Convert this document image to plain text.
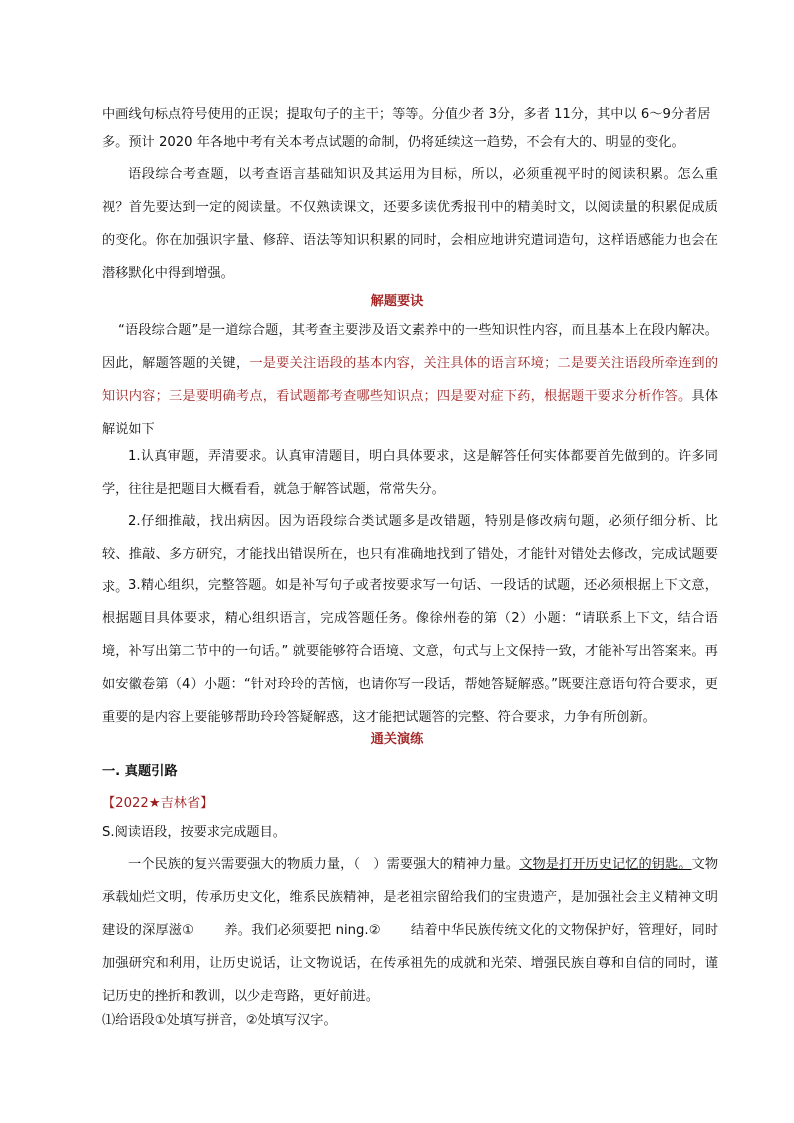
中画线句标点符号使用的正误；提取句子的主干；等等。分值少者 3分，多者 11分，其中以 6～9分者居
多。预计 2020 年各地中考有关本考点试题的命制，仍将延续这一趋势，不会有大的、明显的变化。
语段综合考查题，以考查语言基础知识及其运用为目标，所以，必须重视平时的阅读积累。怎么重视？首先要达到一定的阅读量。不仅熟读课文，还要多读优秀报刊中的精美时文，以阅读量的积累促成质的变化。你在加强识字量、修辞、语法等知识积累的同时，会相应地讲究遣词造句，这样语感能力也会在潜移默化中得到增强。
解题要诀
“语段综合题”是一道综合题，其考查主要涉及语文素养中的一些知识性内容，而且基本上在段内解决。因此，解题答题的关键，一是要关注语段的基本内容，关注具体的语言环境；二是要关注语段所牵连到的知识内容；三是要明确考点，看试题都考查哪些知识点；四是要对症下药，根据题干要求分析作答。具体解说如下
1.认真审题，弄清要求。认真审清题目，明白具体要求，这是解答任何实体都要首先做到的。许多同学，往往是把题目大概看看，就急于解答试题，常常失分。
2.仔细推敲，找出病因。因为语段综合类试题多是改错题，特别是修改病句题，必须仔细分析、比较、推敲、多方研究，才能找出错误所在，也只有准确地找到了错处，才能针对错处去修改，完成试题要求。 3.精心组织，完整答题。如是补写句子或者按要求写一句话、一段话的试题，还必须根据上下文意，根据题目具体要求，精心组织语言，完成答题任务。像徐州卷的第（2）小题：“请联系上下文，结合语境，补写出第二节中的一句话。” 就要能够符合语境、文意，句式与上文保持一致，才能补写出答案来。再如安徽卷第（4）小题：“针对玲玲的苦恼，也请你写一段话，帮她答疑解惑。”既要注意语句符合要求，更重要的是内容上要能够帮助玲玲答疑解惑，这才能把试题答的完整、符合要求，力争有所创新。
通关演练
一. 真题引路
【2022★吉林省】
S.阅读语段，按要求完成题目。
一个民族的复兴需要强大的物质力量，（　）需要强大的精神力量。文物是打开历史记忆的钥匙。文物承载灿烂文明，传承历史文化，维系民族精神，是老祖宗留给我们的宝贵遗产，是加强社会主义精神文明建设的深厚滋① 养。我们必须要把 ning.② 结着中华民族传统文化的文物保护好，管理好，同时加强研究和利用，让历史说话，让文物说话，在传承祖先的成就和光荣、增强民族自尊和自信的同时，谨记历史的挫折和教训，以少走弯路，更好前进。
⑴给语段①处填写拼音，②处填写汉字。
